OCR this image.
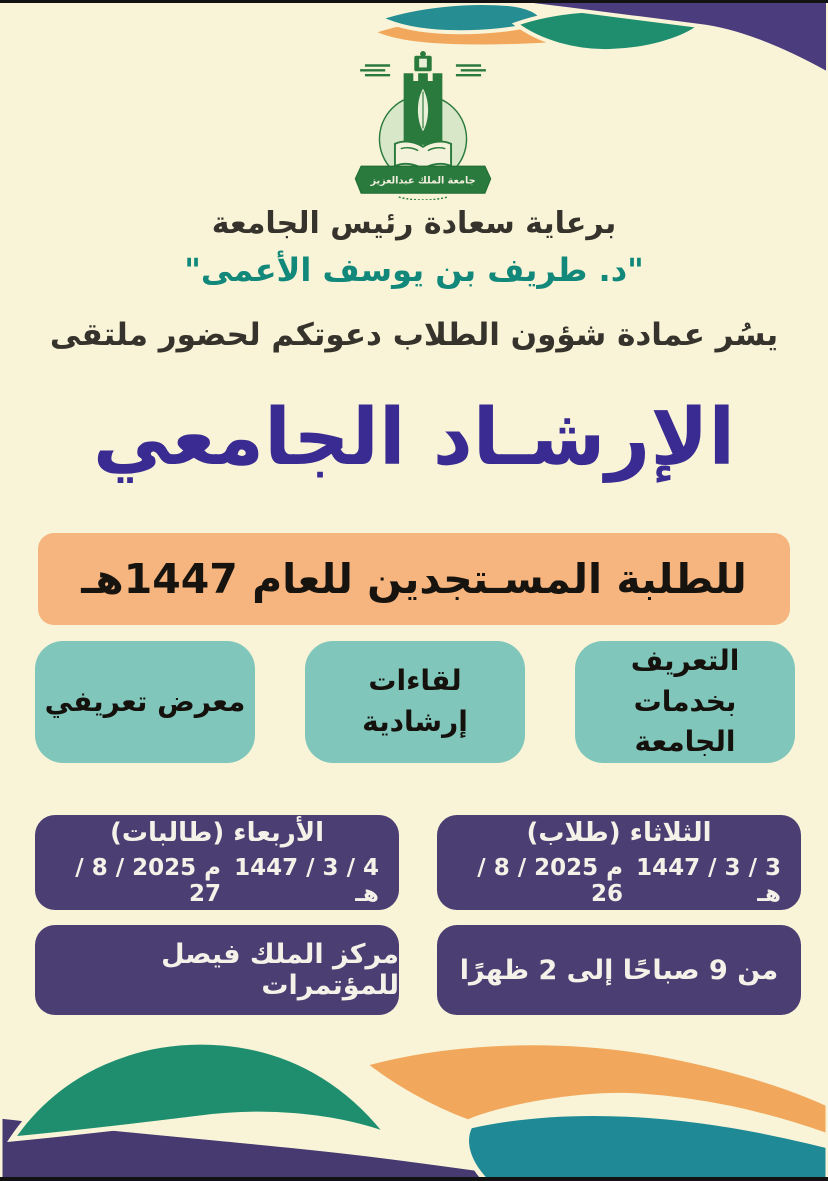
جامعة الملك عبدالعزيز
برعاية سعادة رئيس الجامعة
"د. طريف بن يوسف الأعمى"
يسُر عمادة شؤون الطلاب دعوتكم لحضور ملتقى
الإرشـاد الجامعي
للطلبة المسـتجدين للعام 1447هـ
التعريف بخدمات الجامعة
لقاءات إرشادية
معرض تعريفي
الثلاثاء (طلاب)
3 / 3 / 1447 هـ
م 2025 / 8 / 26
الأربعاء (طالبات)
4 / 3 / 1447 هـ
م 2025 / 8 / 27
من 9 صباحًا إلى 2 ظهرًا
مركز الملك فيصل للمؤتمرات
